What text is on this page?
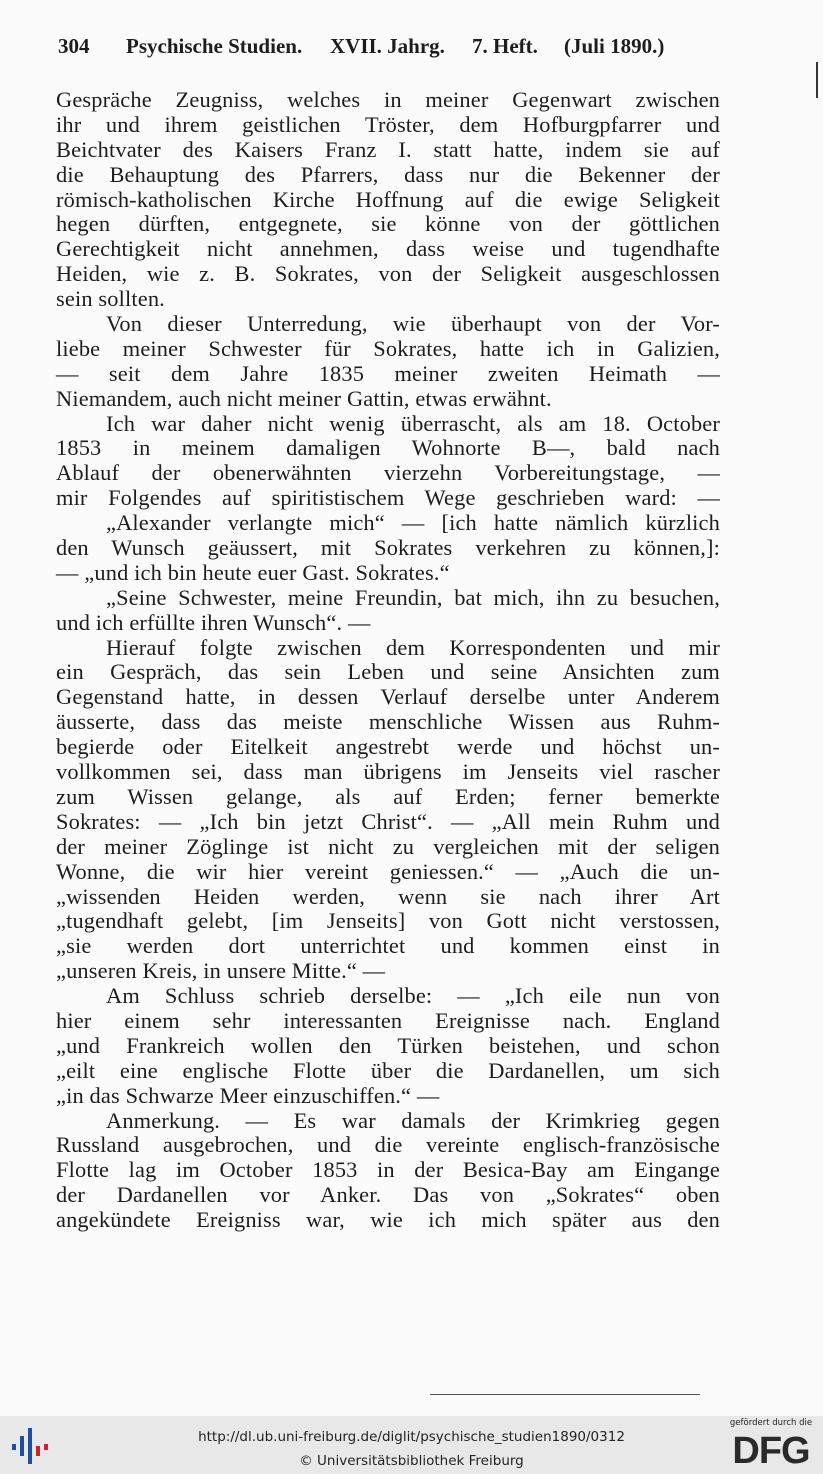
304 Psychische Studien. XVII. Jahrg. 7. Heft. (Juli 1890.)
Gespräche Zeugniss, welches in meiner Gegenwart zwischen
ihr und ihrem geistlichen Tröster, dem Hofburgpfarrer und
Beichtvater des Kaisers Franz I. statt hatte, indem sie auf
die Behauptung des Pfarrers, dass nur die Bekenner der
römisch-katholischen Kirche Hoffnung auf die ewige Seligkeit
hegen dürften, entgegnete, sie könne von der göttlichen
Gerechtigkeit nicht annehmen, dass weise und tugendhafte
Heiden, wie z. B. Sokrates, von der Seligkeit ausgeschlossen
sein sollten.
Von dieser Unterredung, wie überhaupt von der Vor-
liebe meiner Schwester für Sokrates, hatte ich in Galizien,
— seit dem Jahre 1835 meiner zweiten Heimath —
Niemandem, auch nicht meiner Gattin, etwas erwähnt.
Ich war daher nicht wenig überrascht, als am 18. October
1853 in meinem damaligen Wohnorte B—, bald nach
Ablauf der obenerwähnten vierzehn Vorbereitungstage, —
mir Folgendes auf spiritistischem Wege geschrieben ward: —
„Alexander verlangte mich“ — [ich hatte nämlich kürzlich
den Wunsch geäussert, mit Sokrates verkehren zu können,]:
— „und ich bin heute euer Gast. Sokrates.“
„Seine Schwester, meine Freundin, bat mich, ihn zu besuchen,
und ich erfüllte ihren Wunsch“. —
Hierauf folgte zwischen dem Korrespondenten und mir
ein Gespräch, das sein Leben und seine Ansichten zum
Gegenstand hatte, in dessen Verlauf derselbe unter Anderem
äusserte, dass das meiste menschliche Wissen aus Ruhm-
begierde oder Eitelkeit angestrebt werde und höchst un-
vollkommen sei, dass man übrigens im Jenseits viel rascher
zum Wissen gelange, als auf Erden; ferner bemerkte
Sokrates: — „Ich bin jetzt Christ“. — „All mein Ruhm und
der meiner Zöglinge ist nicht zu vergleichen mit der seligen
Wonne, die wir hier vereint geniessen.“ — „Auch die un-
„wissenden Heiden werden, wenn sie nach ihrer Art
„tugendhaft gelebt, [im Jenseits] von Gott nicht verstossen,
„sie werden dort unterrichtet und kommen einst in
„unseren Kreis, in unsere Mitte.“ —
Am Schluss schrieb derselbe: — „Ich eile nun von
hier einem sehr interessanten Ereignisse nach. England
„und Frankreich wollen den Türken beistehen, und schon
„eilt eine englische Flotte über die Dardanellen, um sich
„in das Schwarze Meer einzuschiffen.“ —
Anmerkung. — Es war damals der Krimkrieg gegen
Russland ausgebrochen, und die vereinte englisch-französische
Flotte lag im October 1853 in der Besica-Bay am Eingange
der Dardanellen vor Anker. Das von „Sokrates“ oben
angekündete Ereigniss war, wie ich mich später aus den
http://dl.ub.uni-freiburg.de/diglit/psychische_studien1890/0312
© Universitätsbibliothek Freiburg
gefördert durch die
DFG
